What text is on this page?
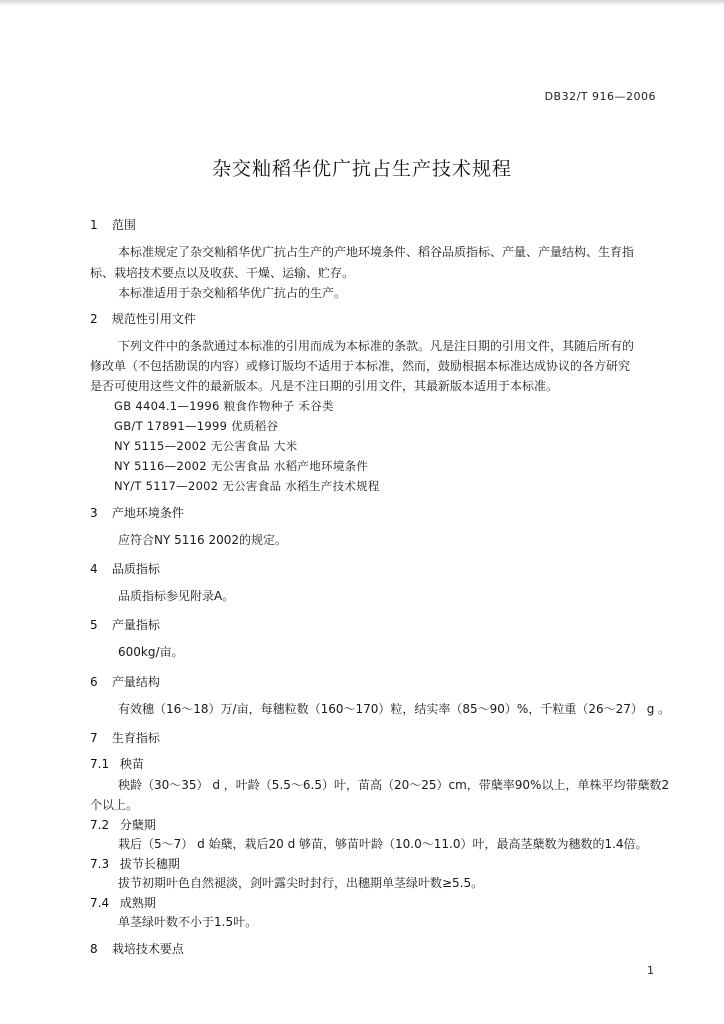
DB32/T 916—2006
杂交籼稻华优广抗占生产技术规程
1 范围
本标准规定了杂交籼稻华优广抗占生产的产地环境条件、稻谷品质指标、产量、产量结构、生育指
标、栽培技术要点以及收获、干燥、运输、贮存。
本标准适用于杂交籼稻华优广抗占的生产。
2 规范性引用文件
下列文件中的条款通过本标准的引用而成为本标准的条款。凡是注日期的引用文件，其随后所有的
修改单（不包括勘误的内容）或修订版均不适用于本标准，然而，鼓励根据本标准达成协议的各方研究
是否可使用这些文件的最新版本。凡是不注日期的引用文件，其最新版本适用于本标准。
GB 4404.1—1996 粮食作物种子 禾谷类
GB/T 17891—1999 优质稻谷
NY 5115—2002 无公害食品 大米
NY 5116—2002 无公害食品 水稻产地环境条件
NY/T 5117—2002 无公害食品 水稻生产技术规程
3 产地环境条件
应符合NY 5116 2002的规定。
4 品质指标
品质指标参见附录A。
5 产量指标
600kg/亩。
6 产量结构
有效穗（16～18）万/亩，每穗粒数（160～170）粒，结实率（85～90）%，千粒重（26～27） g 。
7 生育指标
7.1 秧苗
秧龄（30～35） d ，叶龄（5.5～6.5）叶，苗高（20～25）cm，带蘖率90%以上，单株平均带蘖数2
个以上。
7.2 分蘖期
栽后（5～7） d 始蘖，栽后20 d 够苗，够苗叶龄（10.0～11.0）叶，最高茎蘖数为穗数的1.4倍。
7.3 拔节长穗期
拔节初期叶色自然褪淡，剑叶露尖时封行，出穗期单茎绿叶数≥5.5。
7.4 成熟期
单茎绿叶数不小于1.5叶。
8 栽培技术要点
1
